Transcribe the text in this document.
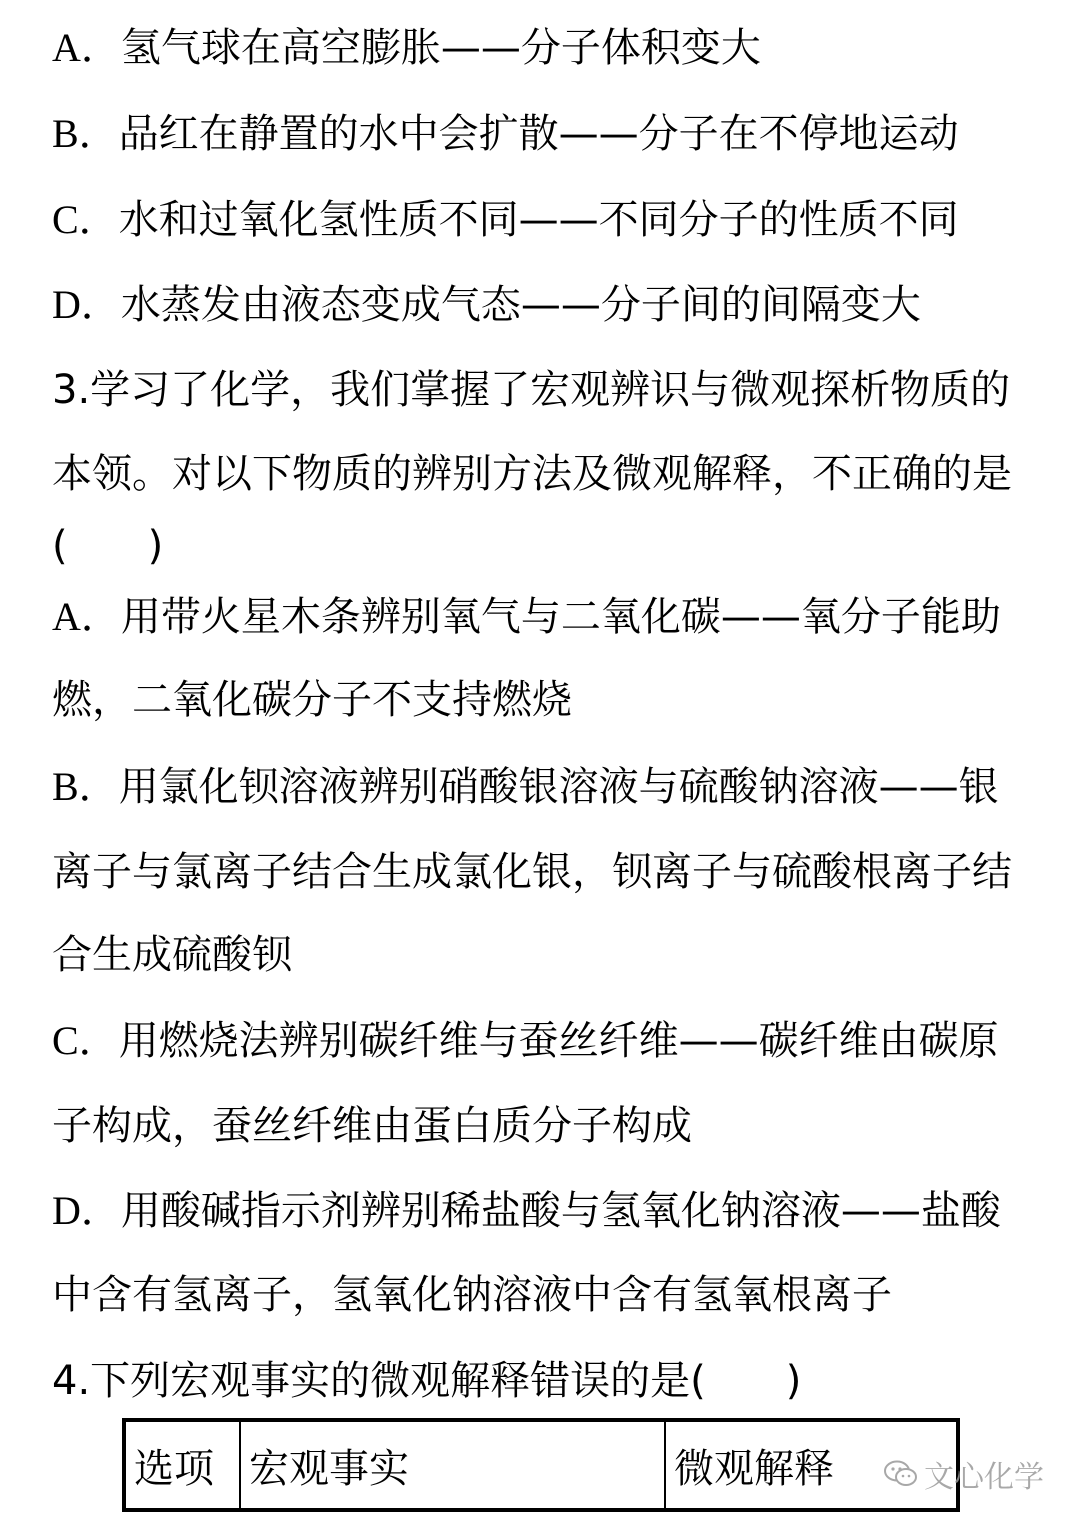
A．氢气球在高空膨胀——分子体积变大
B．品红在静置的水中会扩散——分子在不停地运动
C．水和过氧化氢性质不同——不同分子的性质不同
D．水蒸发由液态变成气态——分子间的间隔变大
3.学习了化学，我们掌握了宏观辨识与微观探析物质的
本领。对以下物质的辨别方法及微观解释，不正确的是
(　　)
A．用带火星木条辨别氧气与二氧化碳——氧分子能助
燃，二氧化碳分子不支持燃烧
B．用氯化钡溶液辨别硝酸银溶液与硫酸钠溶液——银
离子与氯离子结合生成氯化银，钡离子与硫酸根离子结
合生成硫酸钡
C．用燃烧法辨别碳纤维与蚕丝纤维——碳纤维由碳原
子构成，蚕丝纤维由蛋白质分子构成
D．用酸碱指示剂辨别稀盐酸与氢氧化钠溶液——盐酸
中含有氢离子，氢氧化钠溶液中含有氢氧根离子
4.下列宏观事实的微观解释错误的是(　　)
选项	宏观事实	微观解释	文心化学
